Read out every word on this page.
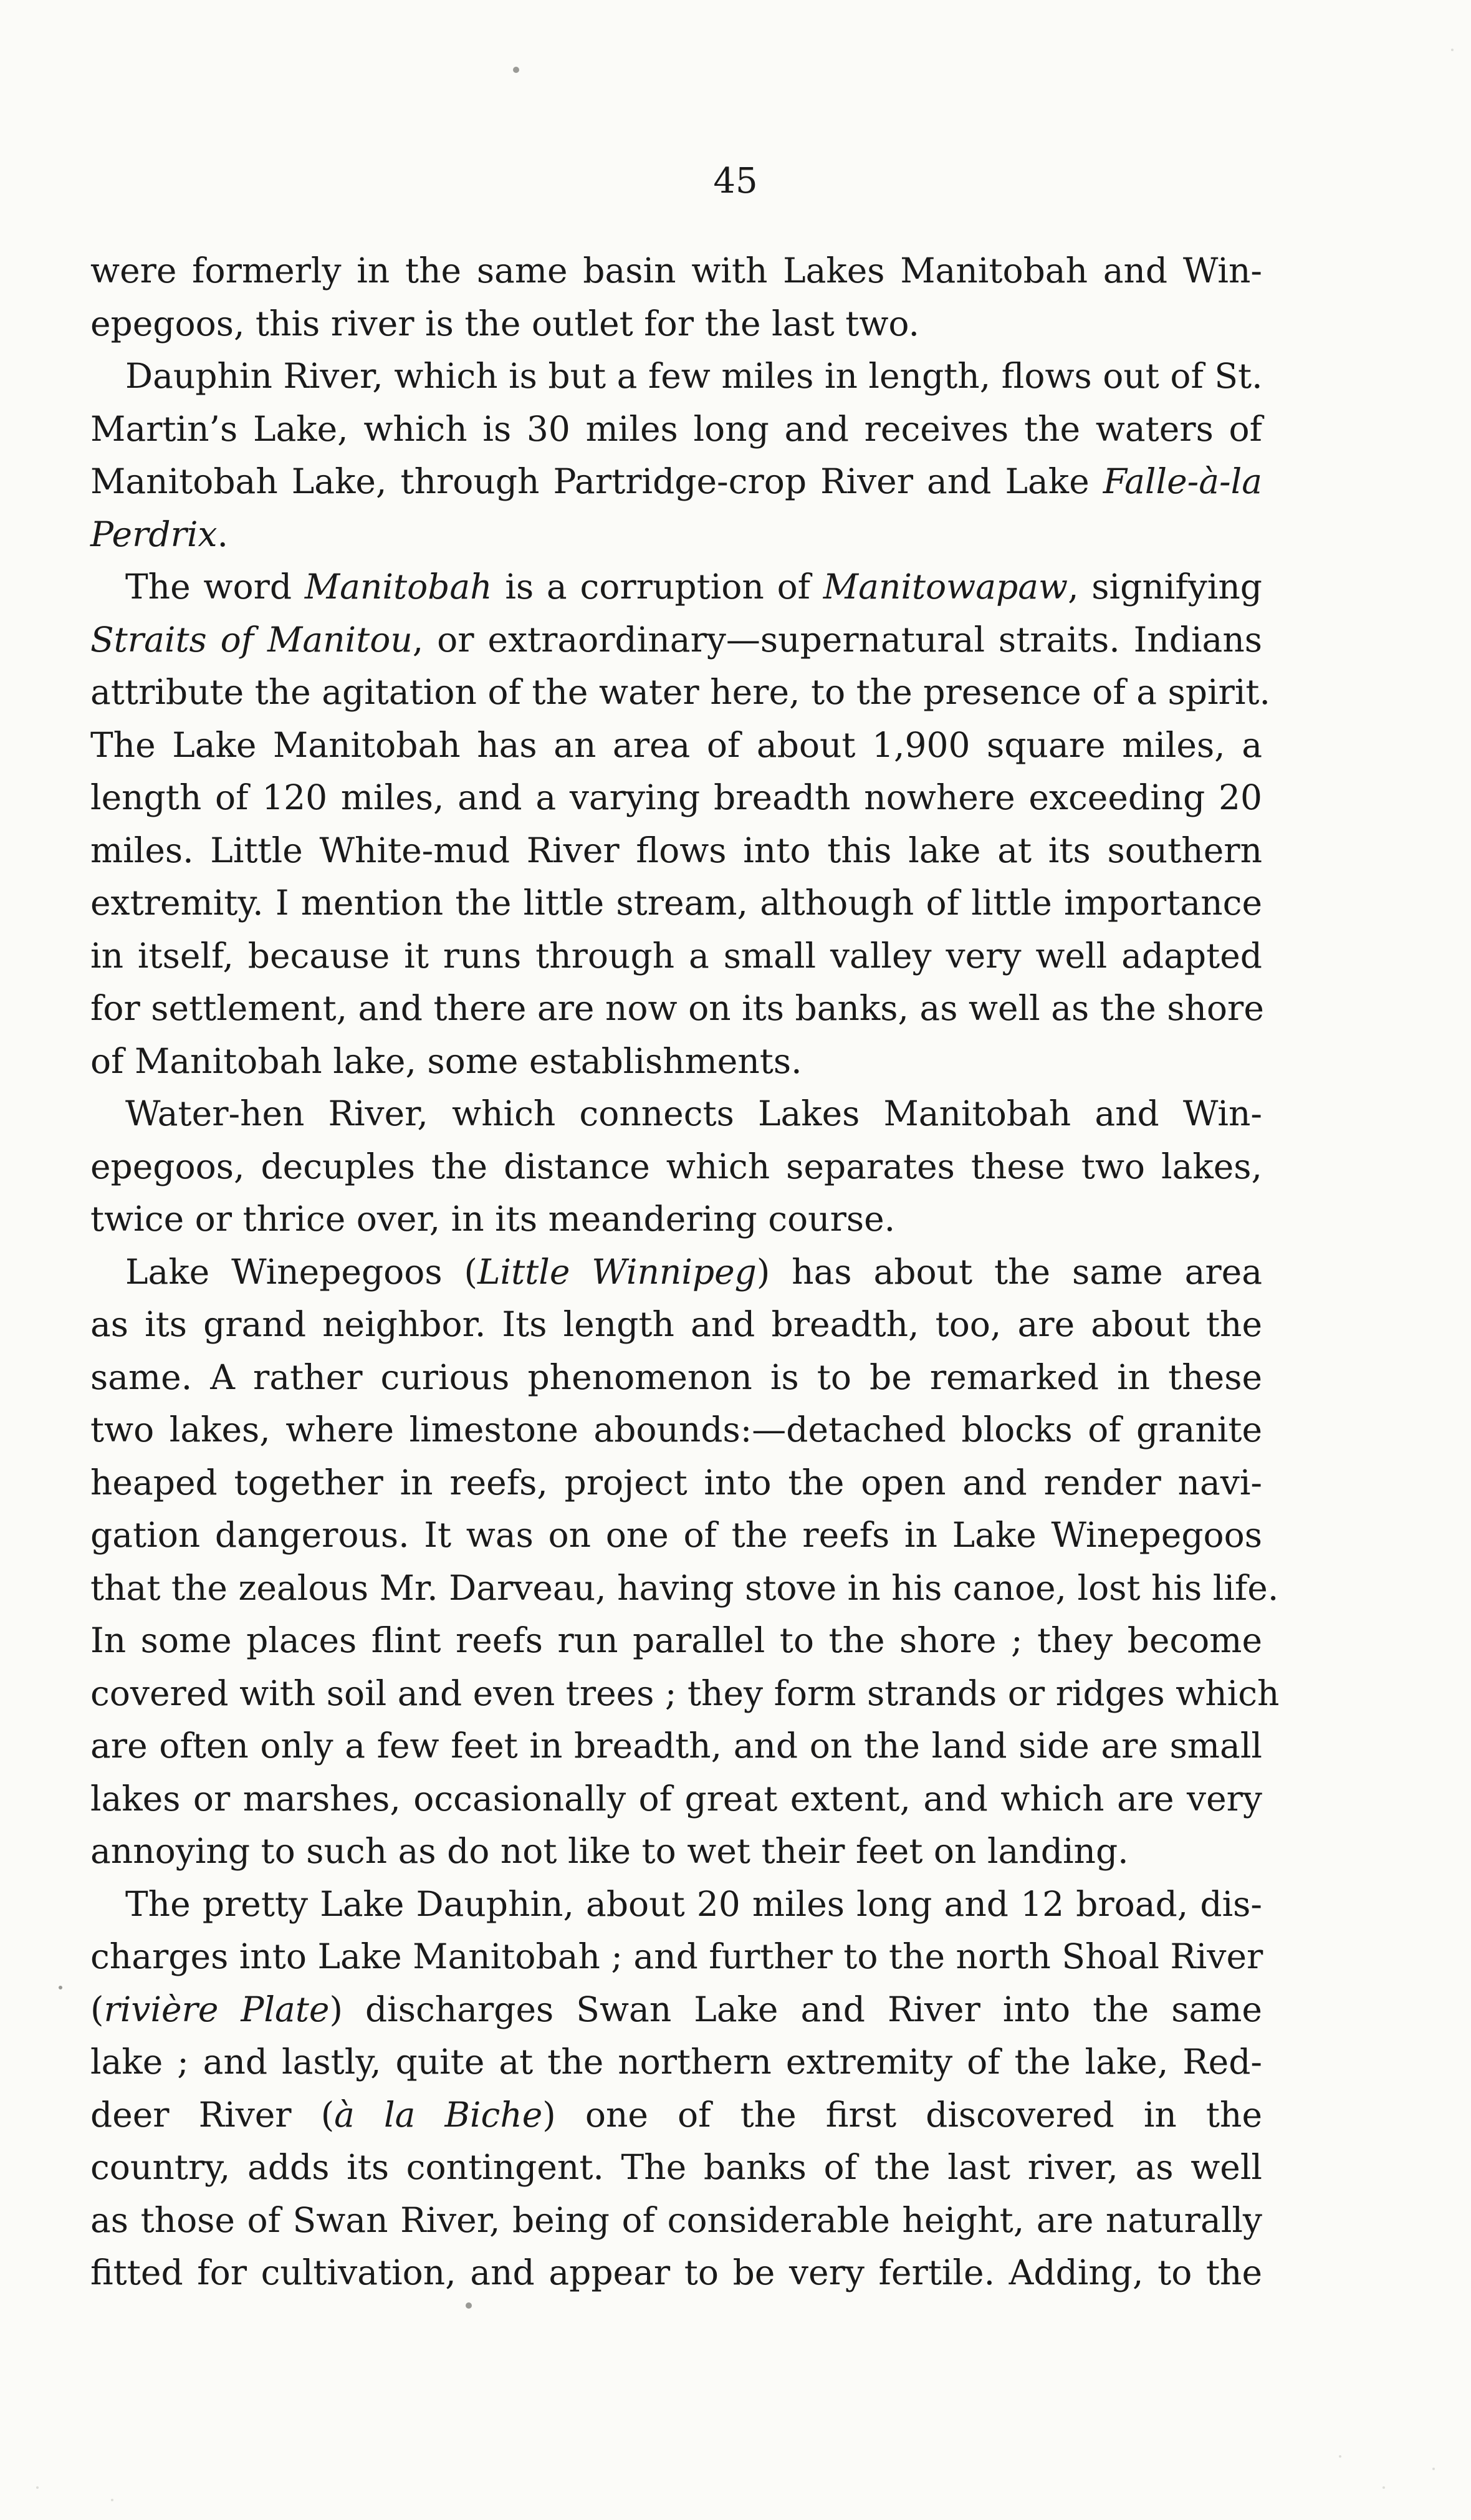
45
were formerly in the same basin with Lakes Manitobah and Win-
epegoos, this river is the outlet for the last two.
Dauphin River, which is but a few miles in length, flows out of St.
Martin’s Lake, which is 30 miles long and receives the waters of
Manitobah Lake, through Partridge-crop River and Lake Falle-à-la
Perdrix.
The word Manitobah is a corruption of Manitowapaw, signifying
Straits of Manitou, or extraordinary—supernatural straits. Indians
attribute the agitation of the water here, to the presence of a spirit.
The Lake Manitobah has an area of about 1,900 square miles, a
length of 120 miles, and a varying breadth nowhere exceeding 20
miles. Little White-mud River flows into this lake at its southern
extremity. I mention the little stream, although of little importance
in itself, because it runs through a small valley very well adapted
for settlement, and there are now on its banks, as well as the shore
of Manitobah lake, some establishments.
Water-hen River, which connects Lakes Manitobah and Win-
epegoos, decuples the distance which separates these two lakes,
twice or thrice over, in its meandering course.
Lake Winepegoos (Little Winnipeg) has about the same area
as its grand neighbor. Its length and breadth, too, are about the
same. A rather curious phenomenon is to be remarked in these
two lakes, where limestone abounds:—detached blocks of granite
heaped together in reefs, project into the open and render navi-
gation dangerous. It was on one of the reefs in Lake Winepegoos
that the zealous Mr. Darveau, having stove in his canoe, lost his life.
In some places flint reefs run parallel to the shore ; they become
covered with soil and even trees ; they form strands or ridges which
are often only a few feet in breadth, and on the land side are small
lakes or marshes, occasionally of great extent, and which are very
annoying to such as do not like to wet their feet on landing.
The pretty Lake Dauphin, about 20 miles long and 12 broad, dis-
charges into Lake Manitobah ; and further to the north Shoal River
(rivière Plate) discharges Swan Lake and River into the same
lake ; and lastly, quite at the northern extremity of the lake, Red-
deer River (à la Biche) one of the first discovered in the
country, adds its contingent. The banks of the last river, as well
as those of Swan River, being of considerable height, are naturally
fitted for cultivation, and appear to be very fertile. Adding, to the
